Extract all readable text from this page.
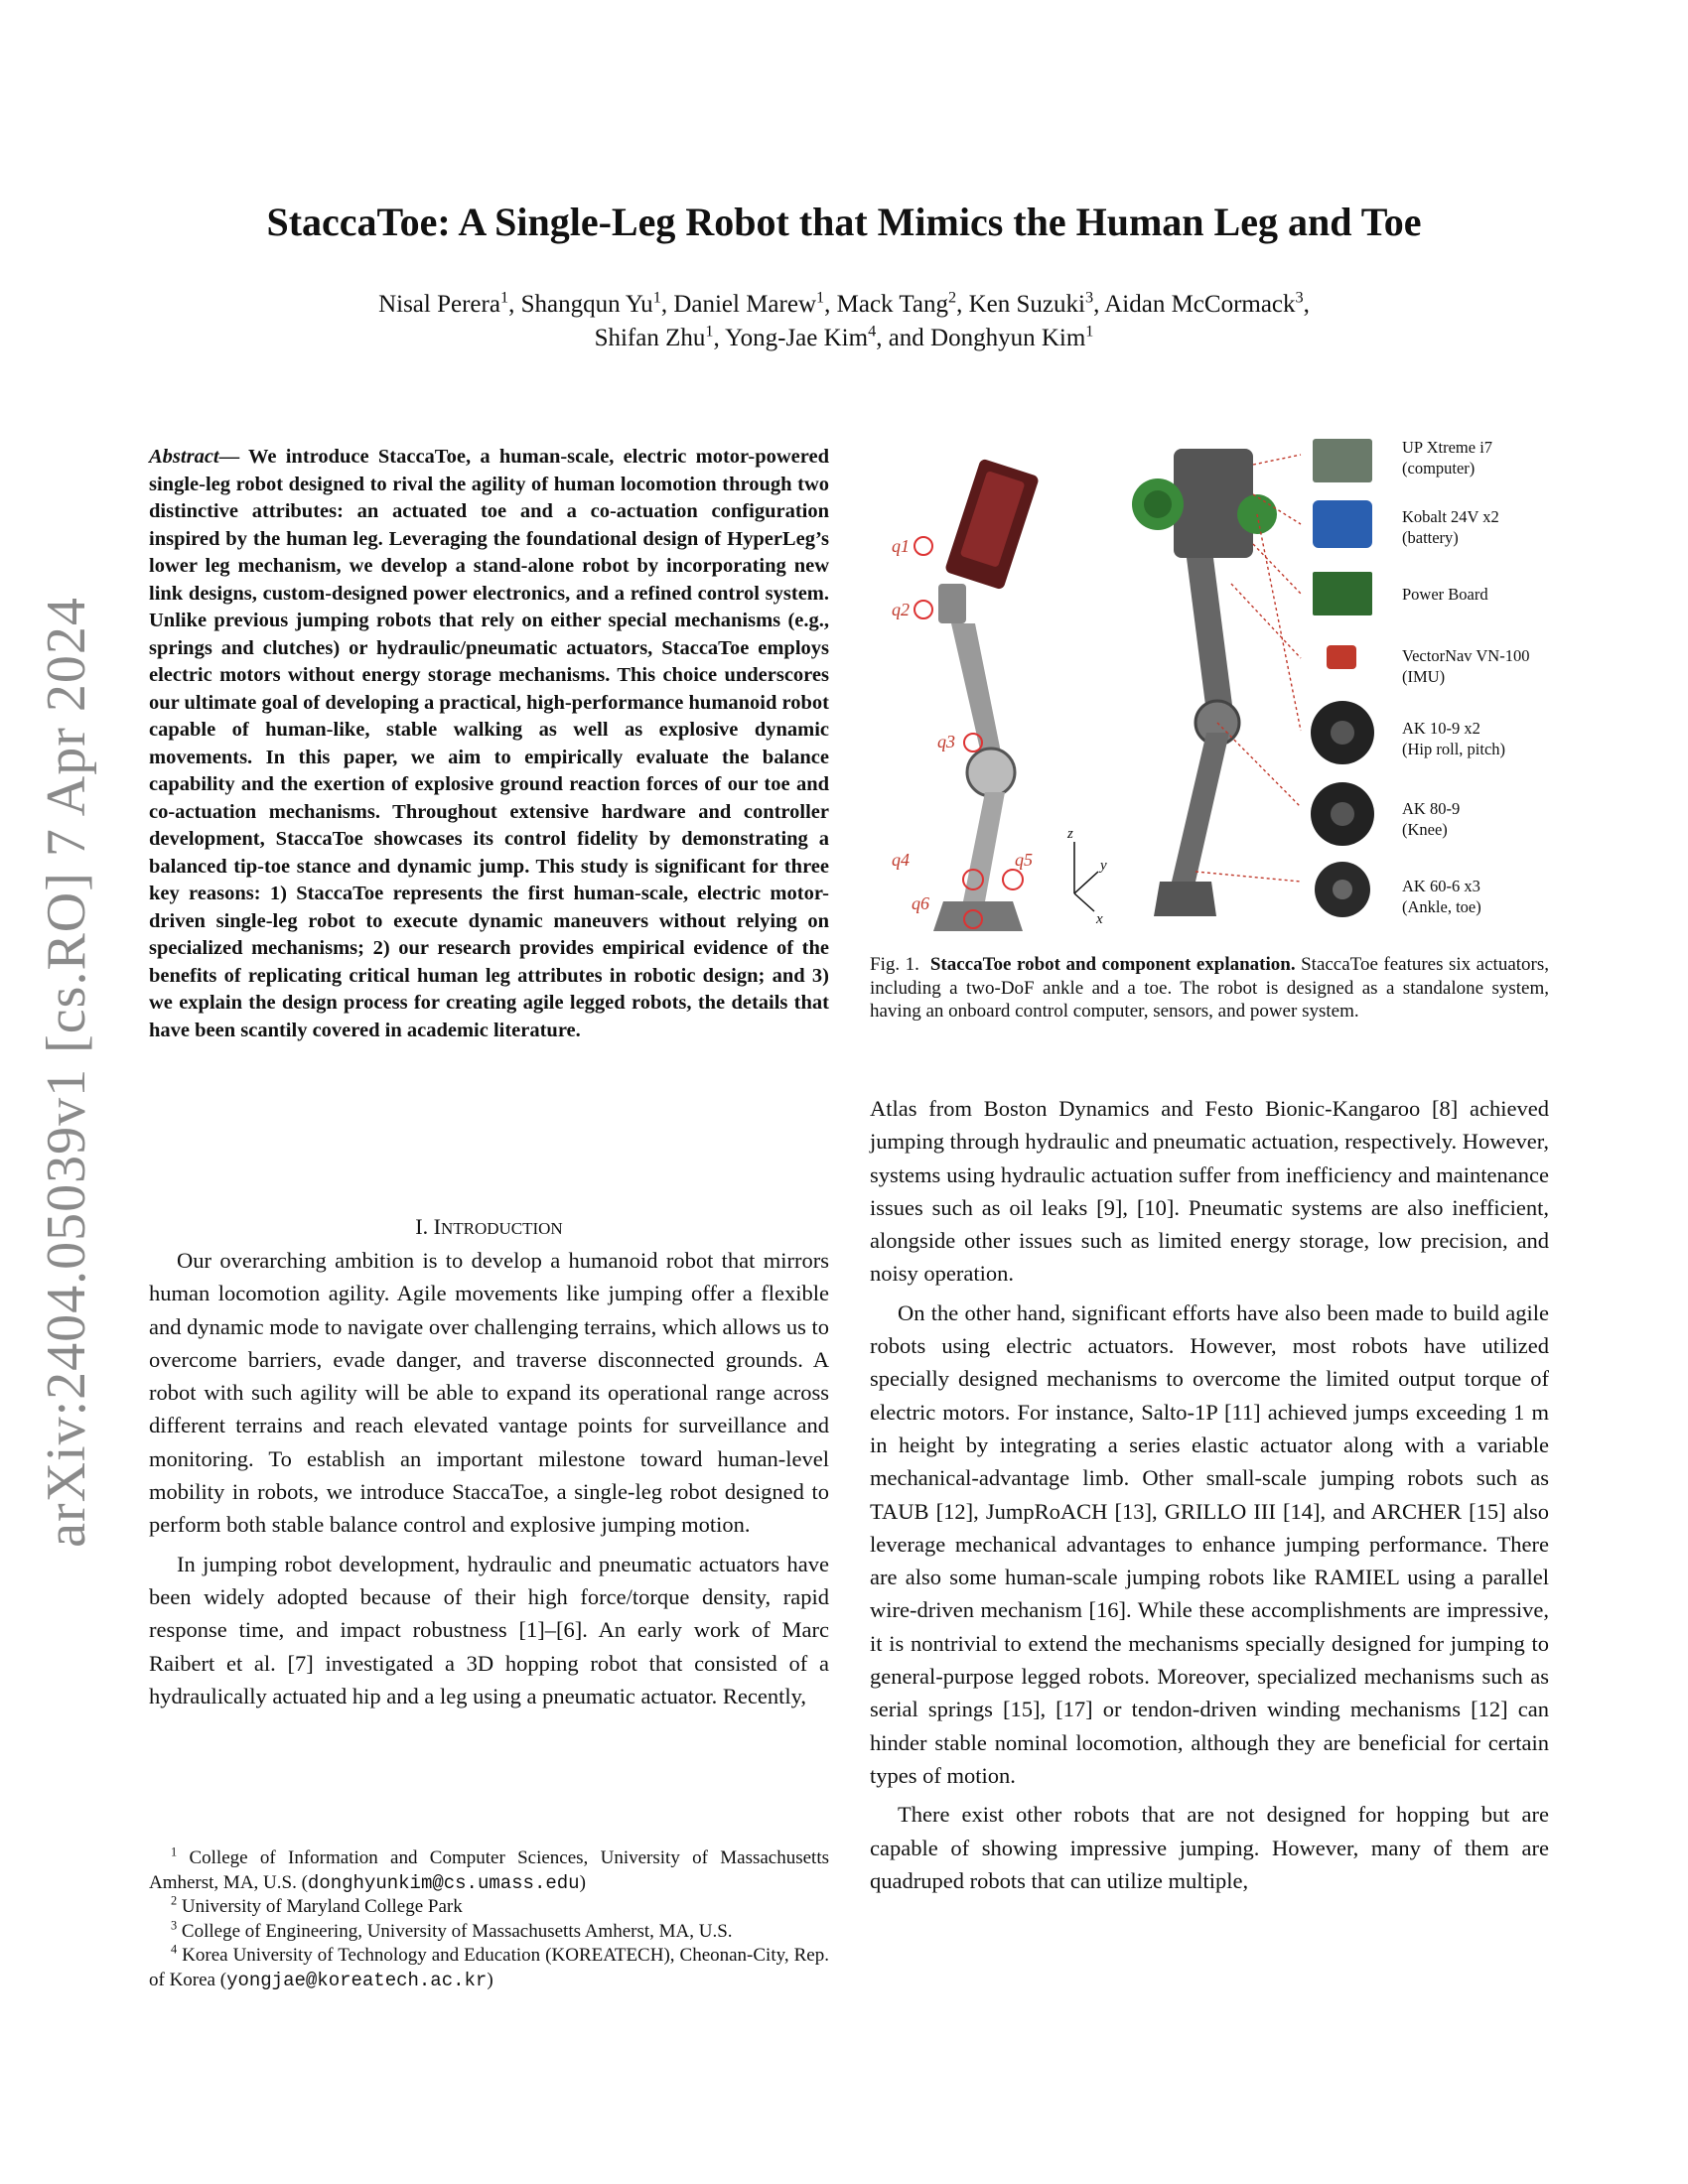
arXiv:2404.05039v1 [cs.RO] 7 Apr 2024
StaccaToe: A Single-Leg Robot that Mimics the Human Leg and Toe
Nisal Perera$^1$, Shangqun Yu$^1$, Daniel Marew$^1$, Mack Tang$^2$, Ken Suzuki$^3$, Aidan McCormack$^3$,
Shifan Zhu$^1$, Yong-Jae Kim$^4$, and Donghyun Kim$^1$
Abstract— We introduce StaccaToe, a human-scale, electric motor-powered single-leg robot designed to rival the agility of human locomotion through two distinctive attributes: an actuated toe and a co-actuation configuration inspired by the human leg. Leveraging the foundational design of HyperLeg’s lower leg mechanism, we develop a stand-alone robot by incorporating new link designs, custom-designed power electronics, and a refined control system. Unlike previous jumping robots that rely on either special mechanisms (e.g., springs and clutches) or hydraulic/pneumatic actuators, StaccaToe employs electric motors without energy storage mechanisms. This choice underscores our ultimate goal of developing a practical, high-performance humanoid robot capable of human-like, stable walking as well as explosive dynamic movements. In this paper, we aim to empirically evaluate the balance capability and the exertion of explosive ground reaction forces of our toe and co-actuation mechanisms. Throughout extensive hardware and controller development, StaccaToe showcases its control fidelity by demonstrating a balanced tip-toe stance and dynamic jump. This study is significant for three key reasons: 1) StaccaToe represents the first human-scale, electric motor-driven single-leg robot to execute dynamic maneuvers without relying on specialized mechanisms; 2) our research provides empirical evidence of the benefits of replicating critical human leg attributes in robotic design; and 3) we explain the design process for creating agile legged robots, the details that have been scantily covered in academic literature.
I. INTRODUCTION

Our overarching ambition is to develop a humanoid robot that mirrors human locomotion agility. Agile movements like jumping offer a flexible and dynamic mode to navigate over challenging terrains, which allows us to overcome barriers, evade danger, and traverse disconnected grounds. A robot with such agility will be able to expand its operational range across different terrains and reach elevated vantage points for surveillance and monitoring. To establish an important milestone toward human-level mobility in robots, we introduce StaccaToe, a single-leg robot designed to perform both stable balance control and explosive jumping motion.

In jumping robot development, hydraulic and pneumatic actuators have been widely adopted because of their high force/torque density, rapid response time, and impact robustness [1]–[6]. An early work of Marc Raibert et al. [7] investigated a 3D hopping robot that consisted of a hydraulically actuated hip and a leg using a pneumatic actuator. Recently,

$^1$ College of Information and Computer Sciences, University of Massachusetts Amherst, MA, U.S. (donghyunkim@cs.umass.edu)
$^2$ University of Maryland College Park
$^3$ College of Engineering, University of Massachusetts Amherst, MA, U.S.
$^4$ Korea University of Technology and Education (KOREATECH), Cheonan-City, Rep. of Korea (yongjae@koreatech.ac.kr)
q1
q2
q3
q4	q5
q6
z
y
x
UP Xtreme i7
(computer)
Kobalt 24V x2
(battery)
Power Board
VectorNav VN-100
(IMU)
AK 10-9 x2
(Hip roll, pitch)
AK 80-9
(Knee)
AK 60-6 x3
(Ankle, toe)
Fig. 1. StaccaToe robot and component explanation. StaccaToe features six actuators, including a two-DoF ankle and a toe. The robot is designed as a standalone system, having an onboard control computer, sensors, and power system.

Atlas from Boston Dynamics and Festo Bionic-Kangaroo [8] achieved jumping through hydraulic and pneumatic actuation, respectively. However, systems using hydraulic actuation suffer from inefficiency and maintenance issues such as oil leaks [9], [10]. Pneumatic systems are also inefficient, alongside other issues such as limited energy storage, low precision, and noisy operation.

On the other hand, significant efforts have also been made to build agile robots using electric actuators. However, most robots have utilized specially designed mechanisms to overcome the limited output torque of electric motors. For instance, Salto-1P [11] achieved jumps exceeding 1 m in height by integrating a series elastic actuator along with a variable mechanical-advantage limb. Other small-scale jumping robots such as TAUB [12], JumpRoACH [13], GRILLO III [14], and ARCHER [15] also leverage mechanical advantages to enhance jumping performance. There are also some human-scale jumping robots like RAMIEL using a parallel wire-driven mechanism [16]. While these accomplishments are impressive, it is nontrivial to extend the mechanisms specially designed for jumping to general-purpose legged robots. Moreover, specialized mechanisms such as serial springs [15], [17] or tendon-driven winding mechanisms [12] can hinder stable nominal locomotion, although they are beneficial for certain types of motion.

There exist other robots that are not designed for hopping but are capable of showing impressive jumping. However, many of them are quadruped robots that can utilize multiple,
